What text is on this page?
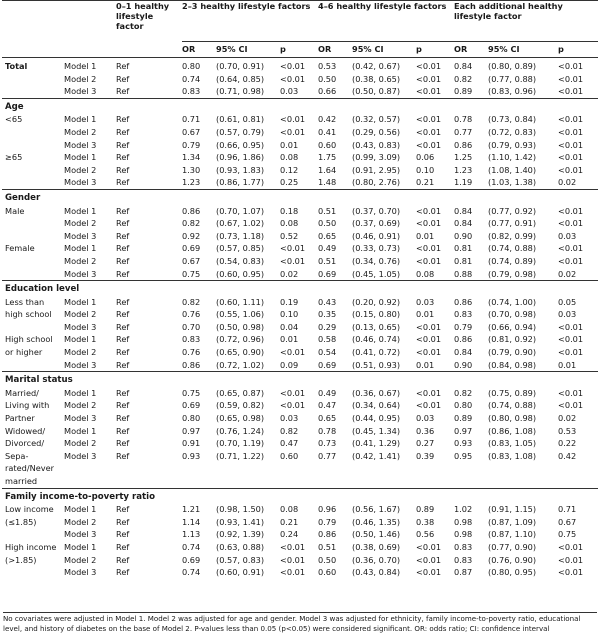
		0–1 healthy lifestyle factor	2–3 healthy lifestyle factors			4–6 healthy lifestyle factors			Each additional healthy lifestyle factor		
			OR	95% CI	p	OR	95% CI	p	OR	95% CI	p
Total	Model 1	Ref	0.80	(0.70, 0.91)	<0.01	0.53	(0.42, 0.67)	<0.01	0.84	(0.80, 0.89)	<0.01
	Model 2	Ref	0.74	(0.64, 0.85)	<0.01	0.50	(0.38, 0.65)	<0.01	0.82	(0.77, 0.88)	<0.01
	Model 3	Ref	0.83	(0.71, 0.98)	0.03	0.66	(0.50, 0.87)	<0.01	0.89	(0.83, 0.96)	<0.01
Age											
<65	Model 1	Ref	0.71	(0.61, 0.81)	<0.01	0.42	(0.32, 0.57)	<0.01	0.78	(0.73, 0.84)	<0.01
	Model 2	Ref	0.67	(0.57, 0.79)	<0.01	0.41	(0.29, 0.56)	<0.01	0.77	(0.72, 0.83)	<0.01
	Model 3	Ref	0.79	(0.66, 0.95)	0.01	0.60	(0.43, 0.83)	<0.01	0.86	(0.79, 0.93)	<0.01
≥65	Model 1	Ref	1.34	(0.96, 1.86)	0.08	1.75	(0.99, 3.09)	0.06	1.25	(1.10, 1.42)	<0.01
	Model 2	Ref	1.30	(0.93, 1.83)	0.12	1.64	(0.91, 2.95)	0.10	1.23	(1.08, 1.40)	<0.01
	Model 3	Ref	1.23	(0.86, 1.77)	0.25	1.48	(0.80, 2.76)	0.21	1.19	(1.03, 1.38)	0.02
Gender											
Male	Model 1	Ref	0.86	(0.70, 1.07)	0.18	0.51	(0.37, 0.70)	<0.01	0.84	(0.77, 0.92)	<0.01
	Model 2	Ref	0.82	(0.67, 1.02)	0.08	0.50	(0.37, 0.69)	<0.01	0.84	(0.77, 0.91)	<0.01
	Model 3	Ref	0.92	(0.73, 1.18)	0.52	0.65	(0.46, 0.91)	0.01	0.90	(0.82, 0.99)	0.03
Female	Model 1	Ref	0.69	(0.57, 0.85)	<0.01	0.49	(0.33, 0.73)	<0.01	0.81	(0.74, 0.88)	<0.01
	Model 2	Ref	0.67	(0.54, 0.83)	<0.01	0.51	(0.34, 0.76)	<0.01	0.81	(0.74, 0.89)	<0.01
	Model 3	Ref	0.75	(0.60, 0.95)	0.02	0.69	(0.45, 1.05)	0.08	0.88	(0.79, 0.98)	0.02
Education level											
Less than	Model 1	Ref	0.82	(0.60, 1.11)	0.19	0.43	(0.20, 0.92)	0.03	0.86	(0.74, 1.00)	0.05
high school	Model 2	Ref	0.76	(0.55, 1.06)	0.10	0.35	(0.15, 0.80)	0.01	0.83	(0.70, 0.98)	0.03
	Model 3	Ref	0.70	(0.50, 0.98)	0.04	0.29	(0.13, 0.65)	<0.01	0.79	(0.66, 0.94)	<0.01
High school	Model 1	Ref	0.83	(0.72, 0.96)	0.01	0.58	(0.46, 0.74)	<0.01	0.86	(0.81, 0.92)	<0.01
or higher	Model 2	Ref	0.76	(0.65, 0.90)	<0.01	0.54	(0.41, 0.72)	<0.01	0.84	(0.79, 0.90)	<0.01
	Model 3	Ref	0.86	(0.72, 1.02)	0.09	0.69	(0.51, 0.93)	0.01	0.90	(0.84, 0.98)	0.01
Marital status											
Married/	Model 1	Ref	0.75	(0.65, 0.87)	<0.01	0.49	(0.36, 0.67)	<0.01	0.82	(0.75, 0.89)	<0.01
Living with	Model 2	Ref	0.69	(0.59, 0.82)	<0.01	0.47	(0.34, 0.64)	<0.01	0.80	(0.74, 0.88)	<0.01
Partner	Model 3	Ref	0.80	(0.65, 0.98)	0.03	0.65	(0.44, 0.95)	0.03	0.89	(0.80, 0.98)	0.02
Widowed/	Model 1	Ref	0.97	(0.76, 1.24)	0.82	0.78	(0.45, 1.34)	0.36	0.97	(0.86, 1.08)	0.53
Divorced/	Model 2	Ref	0.91	(0.70, 1.19)	0.47	0.73	(0.41, 1.29)	0.27	0.93	(0.83, 1.05)	0.22
Sepa-	Model 3	Ref	0.93	(0.71, 1.22)	0.60	0.77	(0.42, 1.41)	0.39	0.95	(0.83, 1.08)	0.42
rated/Never											
married											
Family income-to-poverty ratio											
Low income	Model 1	Ref	1.21	(0.98, 1.50)	0.08	0.96	(0.56, 1.67)	0.89	1.02	(0.91, 1.15)	0.71
(≤1.85)	Model 2	Ref	1.14	(0.93, 1.41)	0.21	0.79	(0.46, 1.35)	0.38	0.98	(0.87, 1.09)	0.67
	Model 3	Ref	1.13	(0.92, 1.39)	0.24	0.86	(0.50, 1.46)	0.56	0.98	(0.87, 1.10)	0.75
High income	Model 1	Ref	0.74	(0.63, 0.88)	<0.01	0.51	(0.38, 0.69)	<0.01	0.83	(0.77, 0.90)	<0.01
(>1.85)	Model 2	Ref	0.69	(0.57, 0.83)	<0.01	0.50	(0.36, 0.70)	<0.01	0.83	(0.76, 0.90)	<0.01
	Model 3	Ref	0.74	(0.60, 0.91)	<0.01	0.60	(0.43, 0.84)	<0.01	0.87	(0.80, 0.95)	<0.01
No covariates were adjusted in Model 1. Model 2 was adjusted for age and gender. Model 3 was adjusted for ethnicity, family income-to-poverty ratio, educational level, and history of diabetes on the base of Model 2. P-values less than 0.05 (p<0.05) were considered significant. OR: odds ratio; CI: confidence interval
